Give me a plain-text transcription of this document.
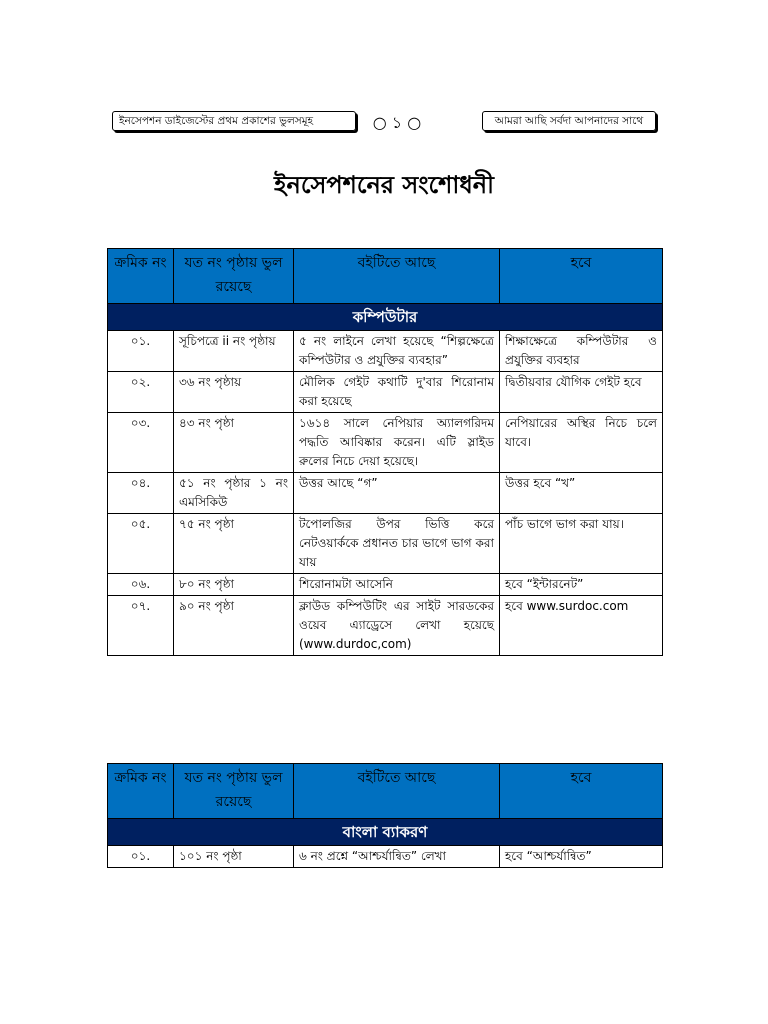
ইনসেপশন ডাইজেস্টের প্রথম প্রকাশের ভুলসমূহ	○ ১ ○	আমরা আছি সর্বদা আপনাদের সাথে
ইনসেপশনের সংশোধনী
ক্রমিক নং	যত নং পৃষ্ঠায় ভুল রয়েছে	বইটিতে আছে	হবে
কম্পিউটার			
০১.	সূচিপত্রে ii নং পৃষ্ঠায়	৫ নং লাইনে লেখা হয়েছে “শিল্পক্ষেত্রে কম্পিউটার ও প্রযুক্তির ব্যবহার”	শিক্ষাক্ষেত্রে কম্পিউটার ও প্রযুক্তির ব্যবহার
০২.	৩৬ নং পৃষ্ঠায়	মৌলিক গেইট কথাটি দু'বার শিরোনাম করা হয়েছে	দ্বিতীয়বার যৌগিক গেইট হবে
০৩.	৪৩ নং পৃষ্ঠা	১৬১৪ সালে নেপিয়ার অ্যালগরিদম পদ্ধতি আবিষ্কার করেন। এটি স্লাইড রুলের নিচে দেয়া হয়েছে।	নেপিয়ারের অস্থির নিচে চলে যাবে।
০৪.	৫১ নং পৃষ্ঠার ১ নং এমসিকিউ	উত্তর আছে “গ”	উত্তর হবে “খ”
০৫.	৭৫ নং পৃষ্ঠা	টপোলজির উপর ভিত্তি করে নেটওয়ার্ককে প্রধানত চার ভাগে ভাগ করা যায়	পাঁচ ভাগে ভাগ করা যায়।
০৬.	৮০ নং পৃষ্ঠা	শিরোনামটা আসেনি	হবে “ইন্টারনেট”
০৭.	৯০ নং পৃষ্ঠা	ক্লাউড কম্পিউটিং এর সাইট সারডকের ওয়েব এ্যাড্রেসে লেখা হয়েছে (www.durdoc,com)	হবে www.surdoc.com
ক্রমিক নং	যত নং পৃষ্ঠায় ভুল রয়েছে	বইটিতে আছে	হবে
বাংলা ব্যাকরণ			
০১.	১০১ নং পৃষ্ঠা	৬ নং প্রশ্নে “আশ্চর্যান্বিত” লেখা	হবে “আশ্চর্যান্বিত”
